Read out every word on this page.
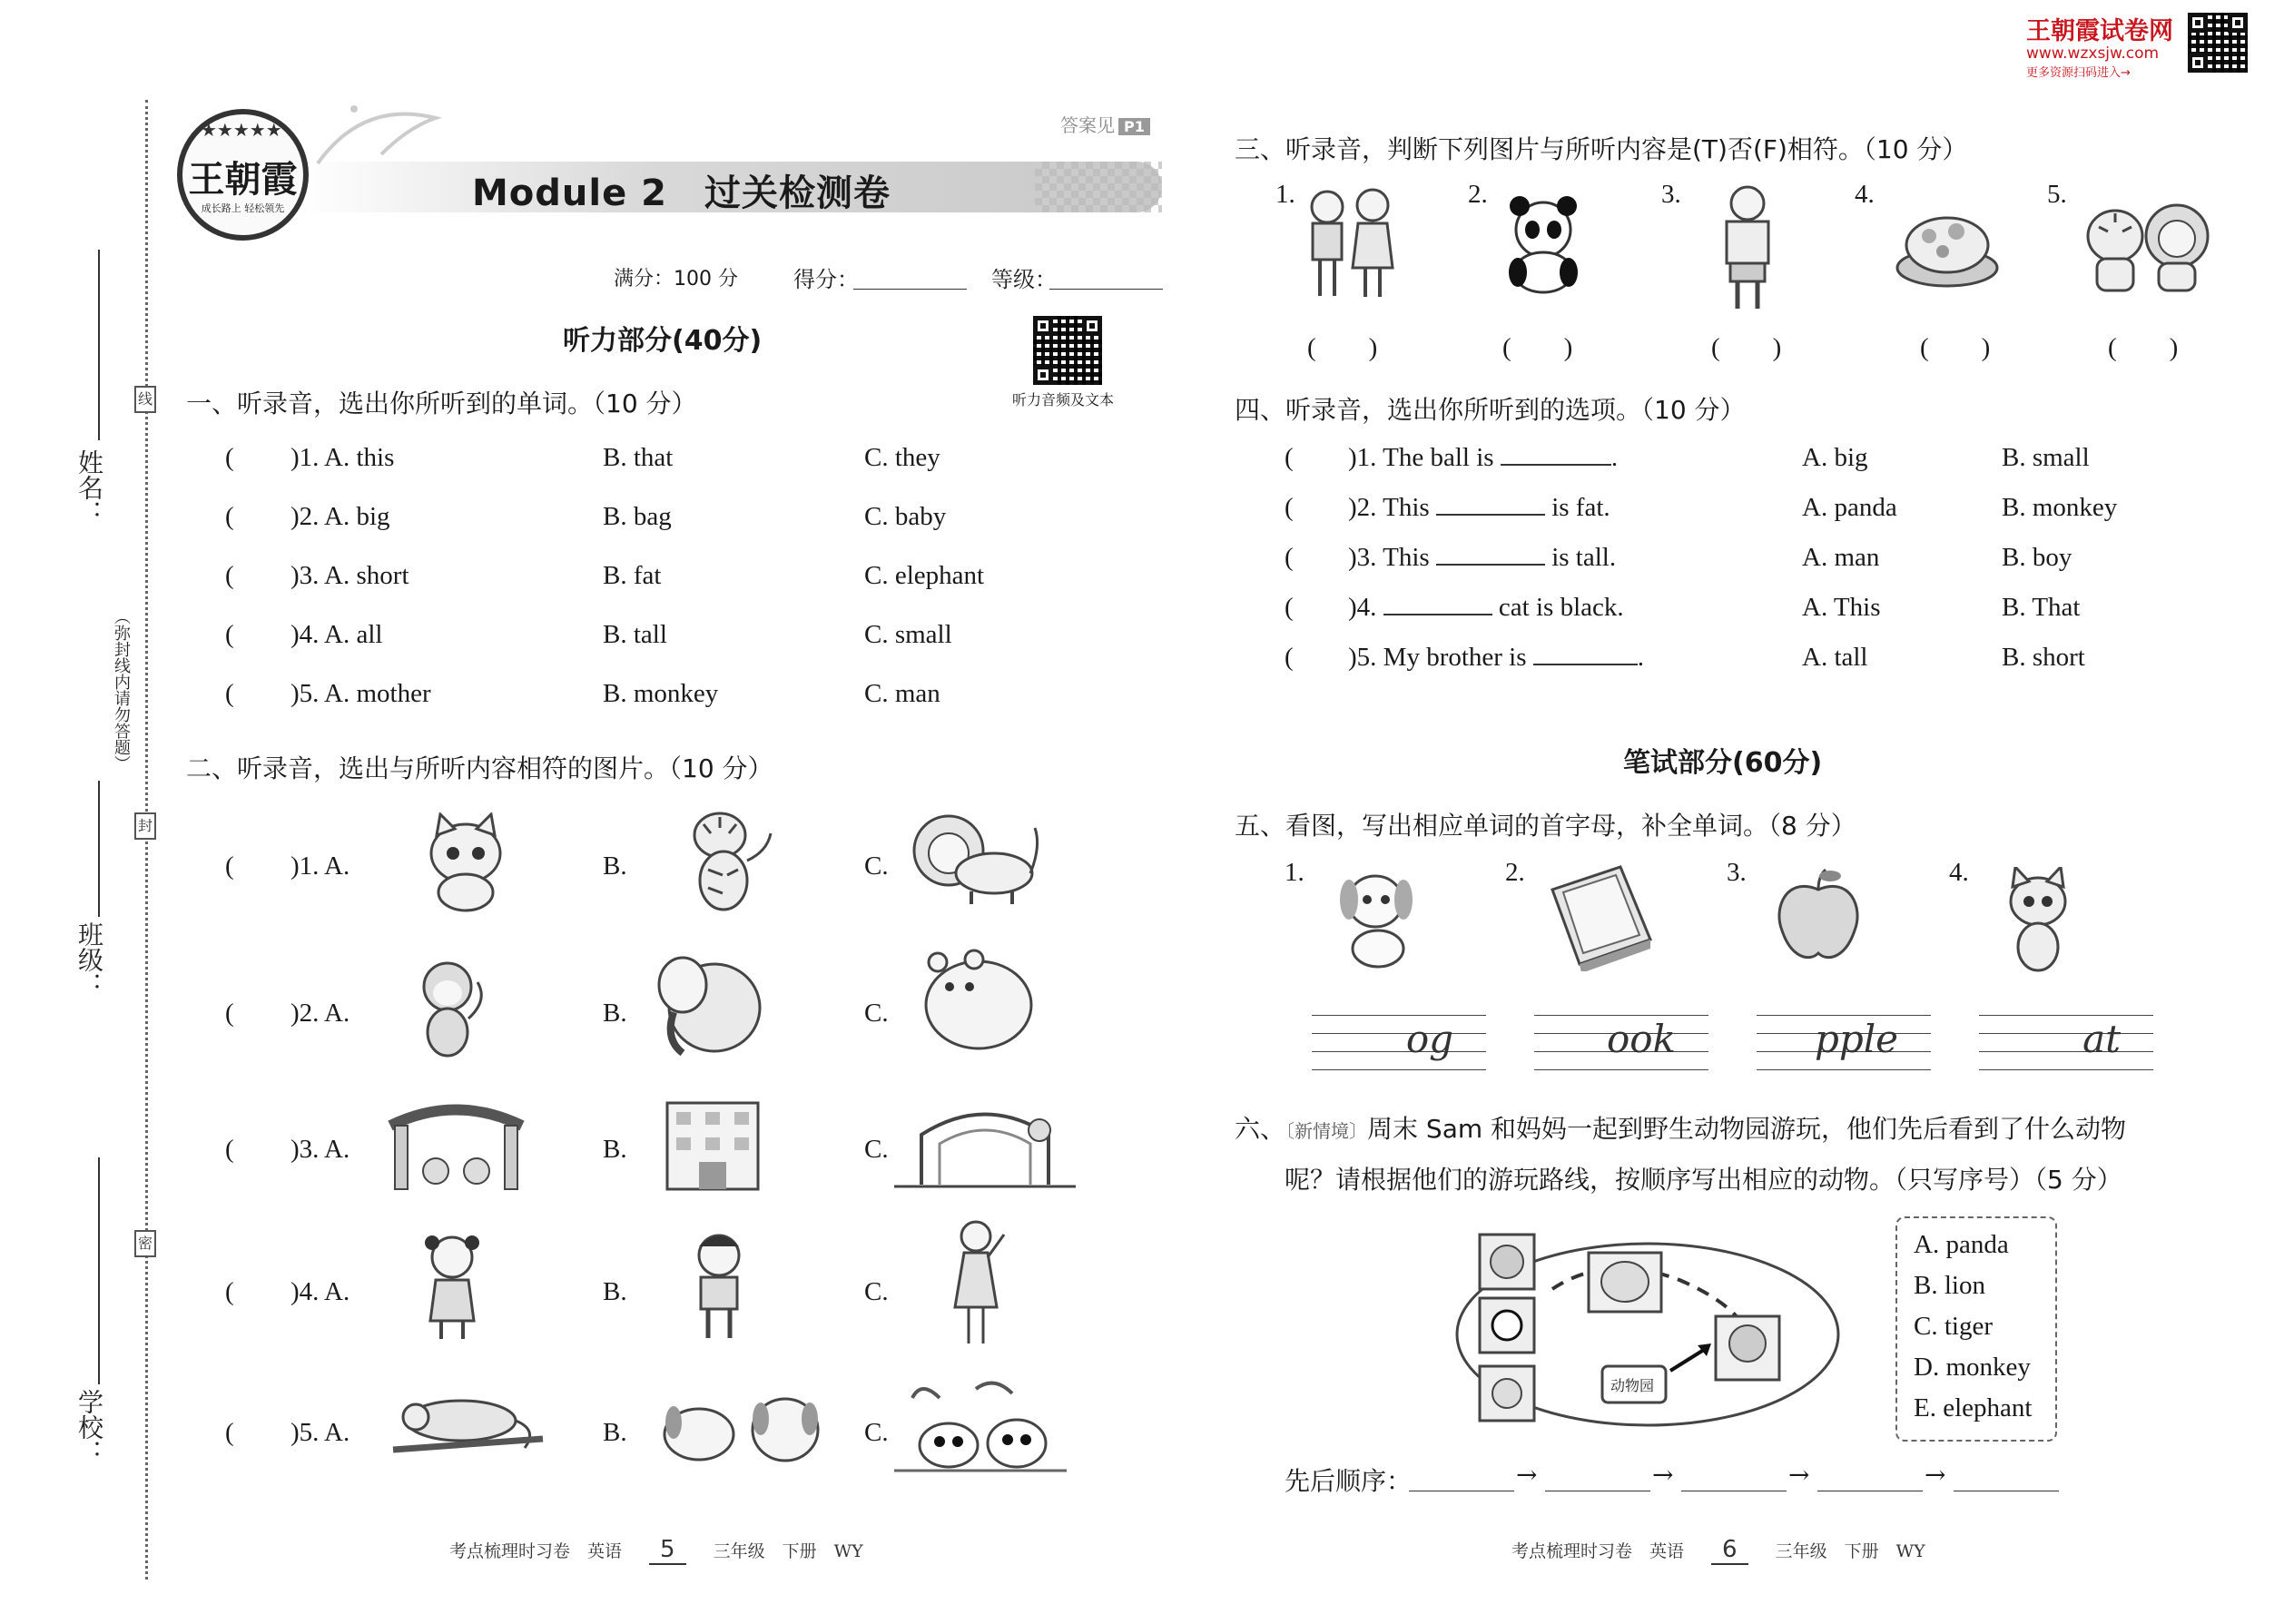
王朝霞试卷网
www.wzxsjw.com
更多资源扫码进入→
线
封
密
姓名：
（弥封线内请勿答题）
班级：
学校：
★★★★★
王朝霞
成长路上 轻松领先	Module 2　过关检测卷
答案见 P1
满分：100 分	得分：	等级：
听力部分(40分)
听力音频及文本
一、听录音，选出你所听到的单词。（10 分）
( )1. A. this	B. that	C. they
( )2. A. big	B. bag	C. baby
( )3. A. short	B. fat	C. elephant
( )4. A. all	B. tall	C. small
( )5. A. mother	B. monkey	C. man
二、听录音，选出与所听内容相符的图片。（10 分）
( )1. A.	B.	C.
( )2. A.	B.	C.
( )3. A.	B.	C.
( )4. A.	B.	C.
( )5. A.	B.	C.
三、听录音，判断下列图片与所听内容是(T)否(F)相符。（10 分）
1.	2.	3.	4.	5.
(　　)	(　　)	(　　)	(　　)	(　　)
四、听录音，选出你所听到的选项。（10 分）
( )1. The ball is	.	A. big	B. small
( )2. This	is fat.	A. panda	B. monkey
( )3. This	is tall.	A. man	B. boy
( )4.	cat is black.	A. This	B. That
( )5. My brother is	.	A. tall	B. short
笔试部分(60分)
五、看图，写出相应单词的首字母，补全单词。（8 分）
1.	2.	3.	4.
og	ook	pple	at
六、〔新情境〕周末 Sam 和妈妈一起到野生动物园游玩，他们先后看到了什么动物
呢？请根据他们的游玩路线，按顺序写出相应的动物。（只写序号）（5 分）
动物园
A. panda
B. lion
C. tiger
D. monkey
E. elephant
先后顺序：	→	→	→	→
考点梳理时习卷　英语 5 三年级　下册　WY	考点梳理时习卷　英语 6 三年级　下册　WY
